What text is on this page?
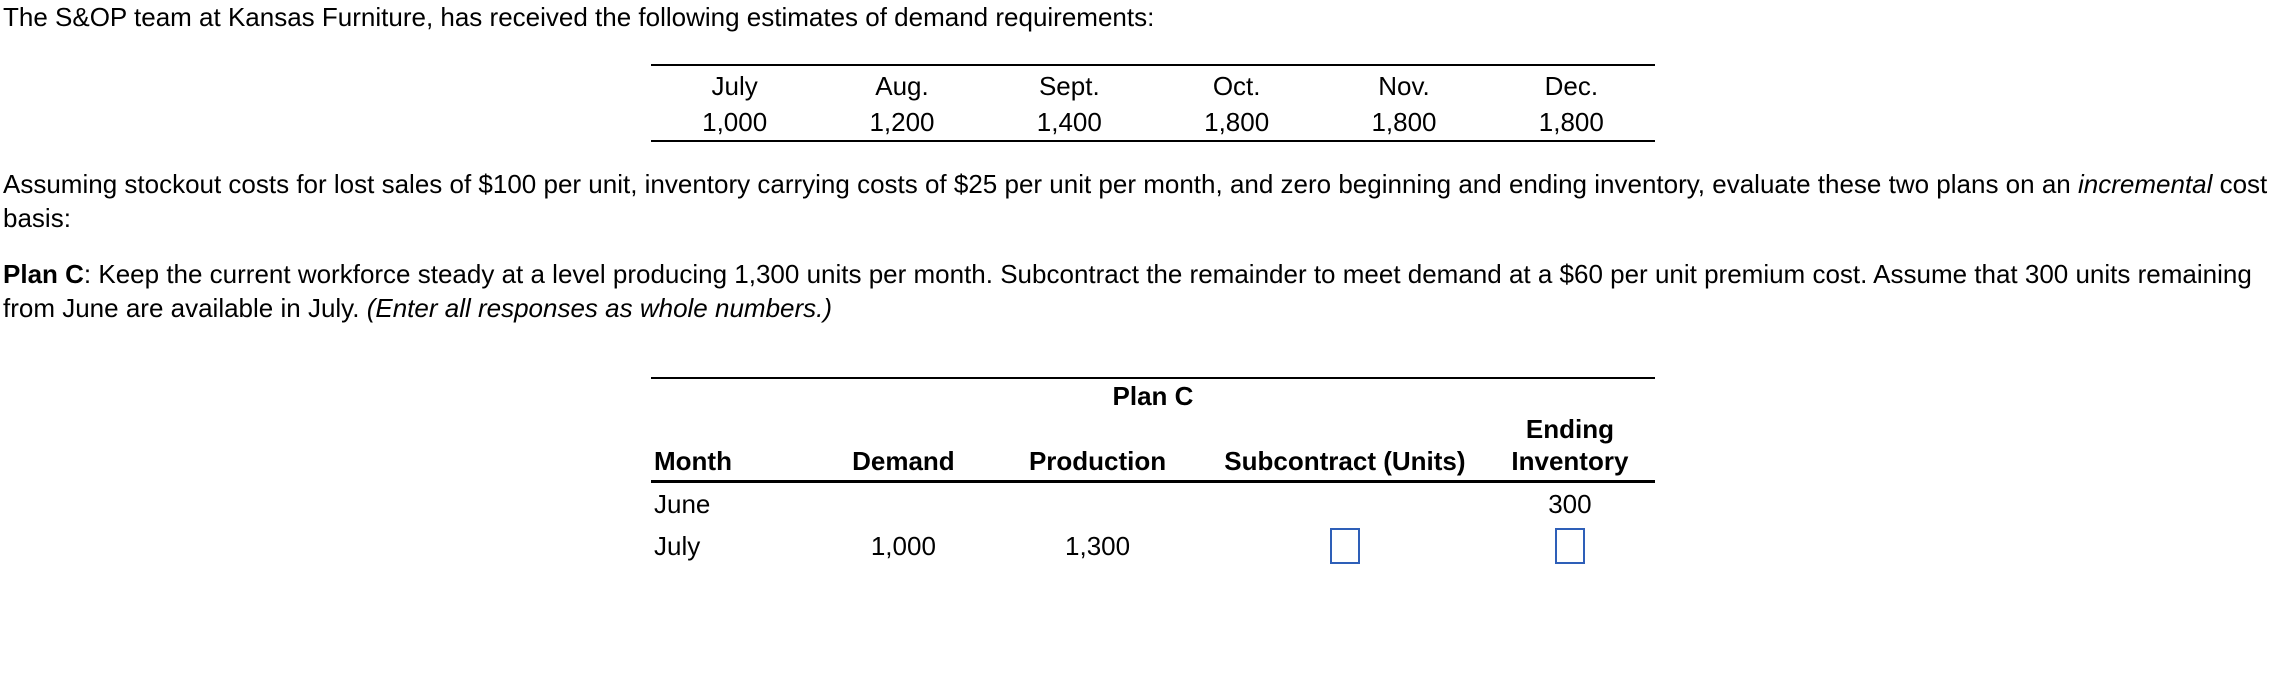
The S&OP team at Kansas Furniture, has received the following estimates of demand requirements:

July	Aug.	Sept.	Oct.	Nov.	Dec.
1,000	1,200	1,400	1,800	1,800	1,800

Assuming stockout costs for lost sales of $100 per unit, inventory carrying costs of $25 per unit per month, and zero beginning and ending inventory, evaluate these two plans on an incremental cost basis:

Plan C: Keep the current workforce steady at a level producing 1,300 units per month. Subcontract the remainder to meet demand at a $60 per unit premium cost. Assume that 300 units remaining from June are available in July. (Enter all responses as whole numbers.)

Plan C
Month	Demand	Production	Subcontract (Units)	Ending
Inventory
June				300
July	1,000	1,300		
